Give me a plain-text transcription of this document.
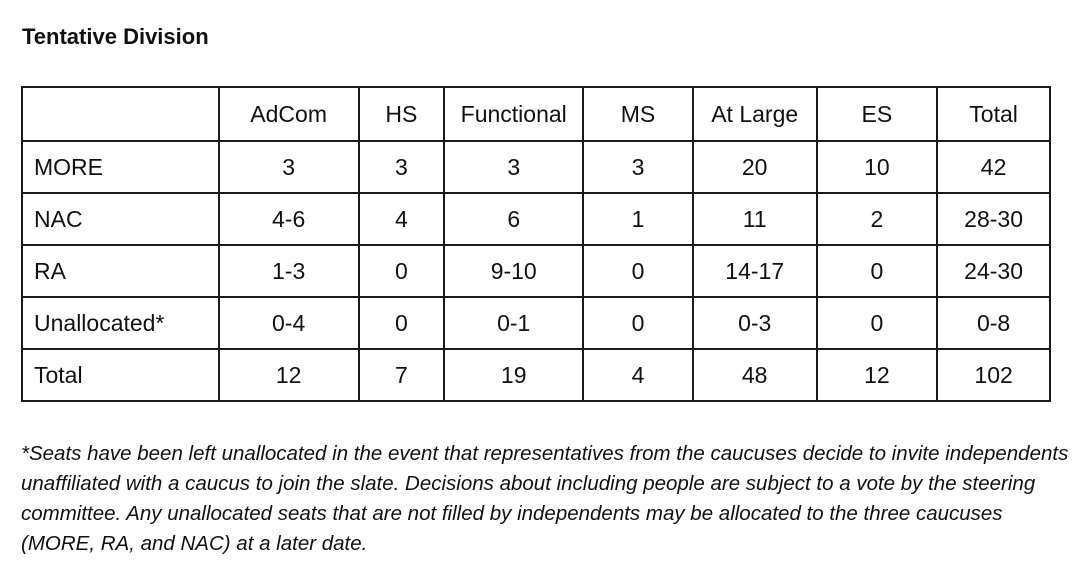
Tentative Division
	AdCom	HS	Functional	MS	At Large	ES	Total
MORE	3	3	3	3	20	10	42
NAC	4-6	4	6	1	11	2	28-30
RA	1-3	0	9-10	0	14-17	0	24-30
Unallocated*	0-4	0	0-1	0	0-3	0	0-8
Total	12	7	19	4	48	12	102
*Seats have been left unallocated in the event that representatives from the caucuses decide to invite independents unaffiliated with a caucus to join the slate. Decisions about including people are subject to a vote by the steering committee. Any unallocated seats that are not filled by independents may be allocated to the three caucuses (MORE, RA, and NAC) at a later date.
